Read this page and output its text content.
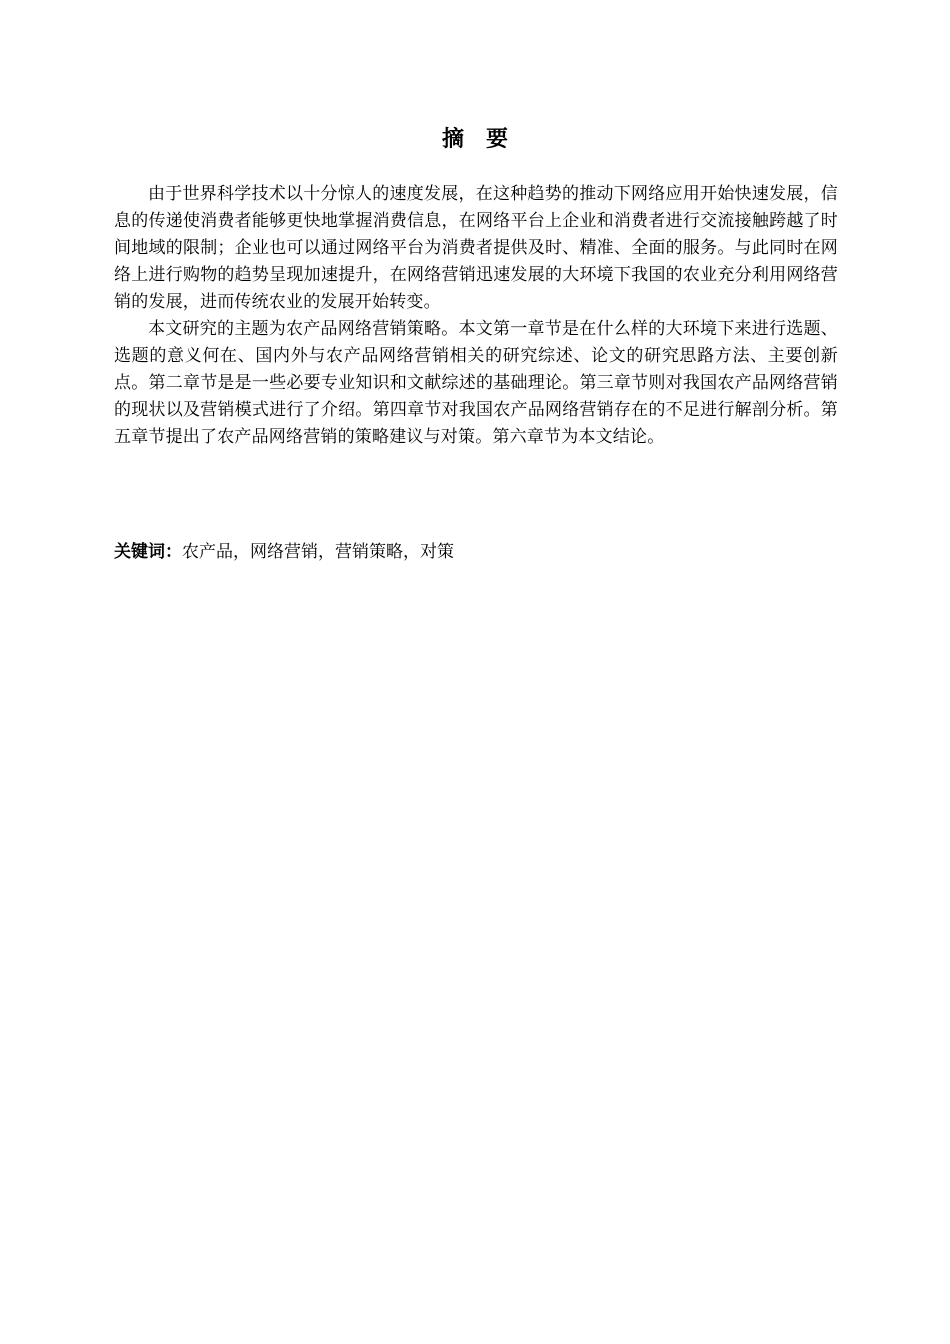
摘　要

由于世界科学技术以十分惊人的速度发展，在这种趋势的推动下网络应用开始快速发展，信息的传递使消费者能够更快地掌握消费信息，在网络平台上企业和消费者进行交流接触跨越了时间地域的限制；企业也可以通过网络平台为消费者提供及时、精准、全面的服务。与此同时在网络上进行购物的趋势呈现加速提升，在网络营销迅速发展的大环境下我国的农业充分利用网络营销的发展，进而传统农业的发展开始转变。

本文研究的主题为农产品网络营销策略。本文第一章节是在什么样的大环境下来进行选题、选题的意义何在、国内外与农产品网络营销相关的研究综述、论文的研究思路方法、主要创新点。第二章节是是一些必要专业知识和文献综述的基础理论。第三章节则对我国农产品网络营销的现状以及营销模式进行了介绍。第四章节对我国农产品网络营销存在的不足进行解剖分析。第五章节提出了农产品网络营销的策略建议与对策。第六章节为本文结论。

关键词：农产品，网络营销，营销策略，对策
